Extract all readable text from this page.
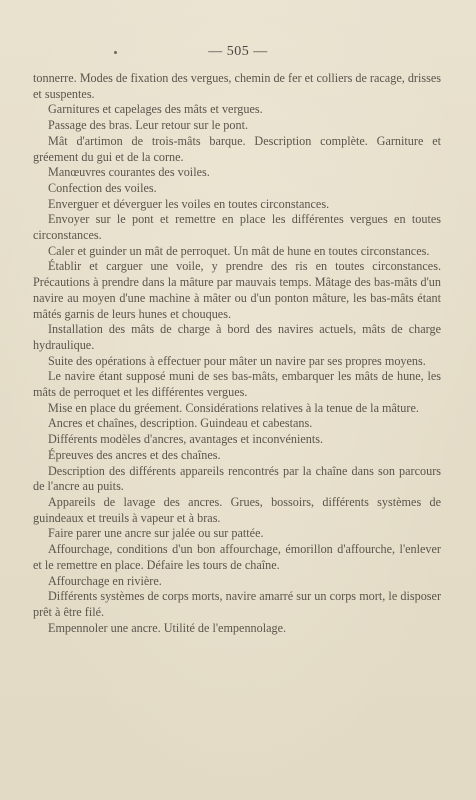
— 505 —

tonnerre. Modes de fixation des vergues, chemin de fer et colliers de racage, drisses et suspentes.

Garnitures et capelages des mâts et vergues.

Passage des bras. Leur retour sur le pont.

Mât d'artimon de trois-mâts barque. Description complète. Garniture et gréement du gui et de la corne.

Manœuvres courantes des voiles.

Confection des voiles.

Enverguer et déverguer les voiles en toutes circonstances.

Envoyer sur le pont et remettre en place les différentes vergues en toutes circonstances.

Caler et guinder un mât de perroquet. Un mât de hune en toutes circonstances.

Établir et carguer une voile, y prendre des ris en toutes circonstances. Précautions à prendre dans la mâture par mauvais temps. Mâtage des bas-mâts d'un navire au moyen d'une machine à mâter ou d'un ponton mâture, les bas-mâts étant mâtés garnis de leurs hunes et chouques.

Installation des mâts de charge à bord des navires actuels, mâts de charge hydraulique.

Suite des opérations à effectuer pour mâter un navire par ses propres moyens.

Le navire étant supposé muni de ses bas-mâts, embarquer les mâts de hune, les mâts de perroquet et les différentes vergues.

Mise en place du gréement. Considérations relatives à la tenue de la mâture.

Ancres et chaînes, description. Guindeau et cabestans.

Différents modèles d'ancres, avantages et inconvénients.

Épreuves des ancres et des chaînes.

Description des différents appareils rencontrés par la chaîne dans son parcours de l'ancre au puits.

Appareils de lavage des ancres. Grues, bossoirs, différents systèmes de guindeaux et treuils à vapeur et à bras.

Faire parer une ancre sur jalée ou sur pattée.

Affourchage, conditions d'un bon affourchage, émorillon d'affourche, l'enlever et le remettre en place. Défaire les tours de chaîne.

Affourchage en rivière.

Différents systèmes de corps morts, navire amarré sur un corps mort, le disposer prêt à être filé.

Empennoler une ancre. Utilité de l'empennolage.
